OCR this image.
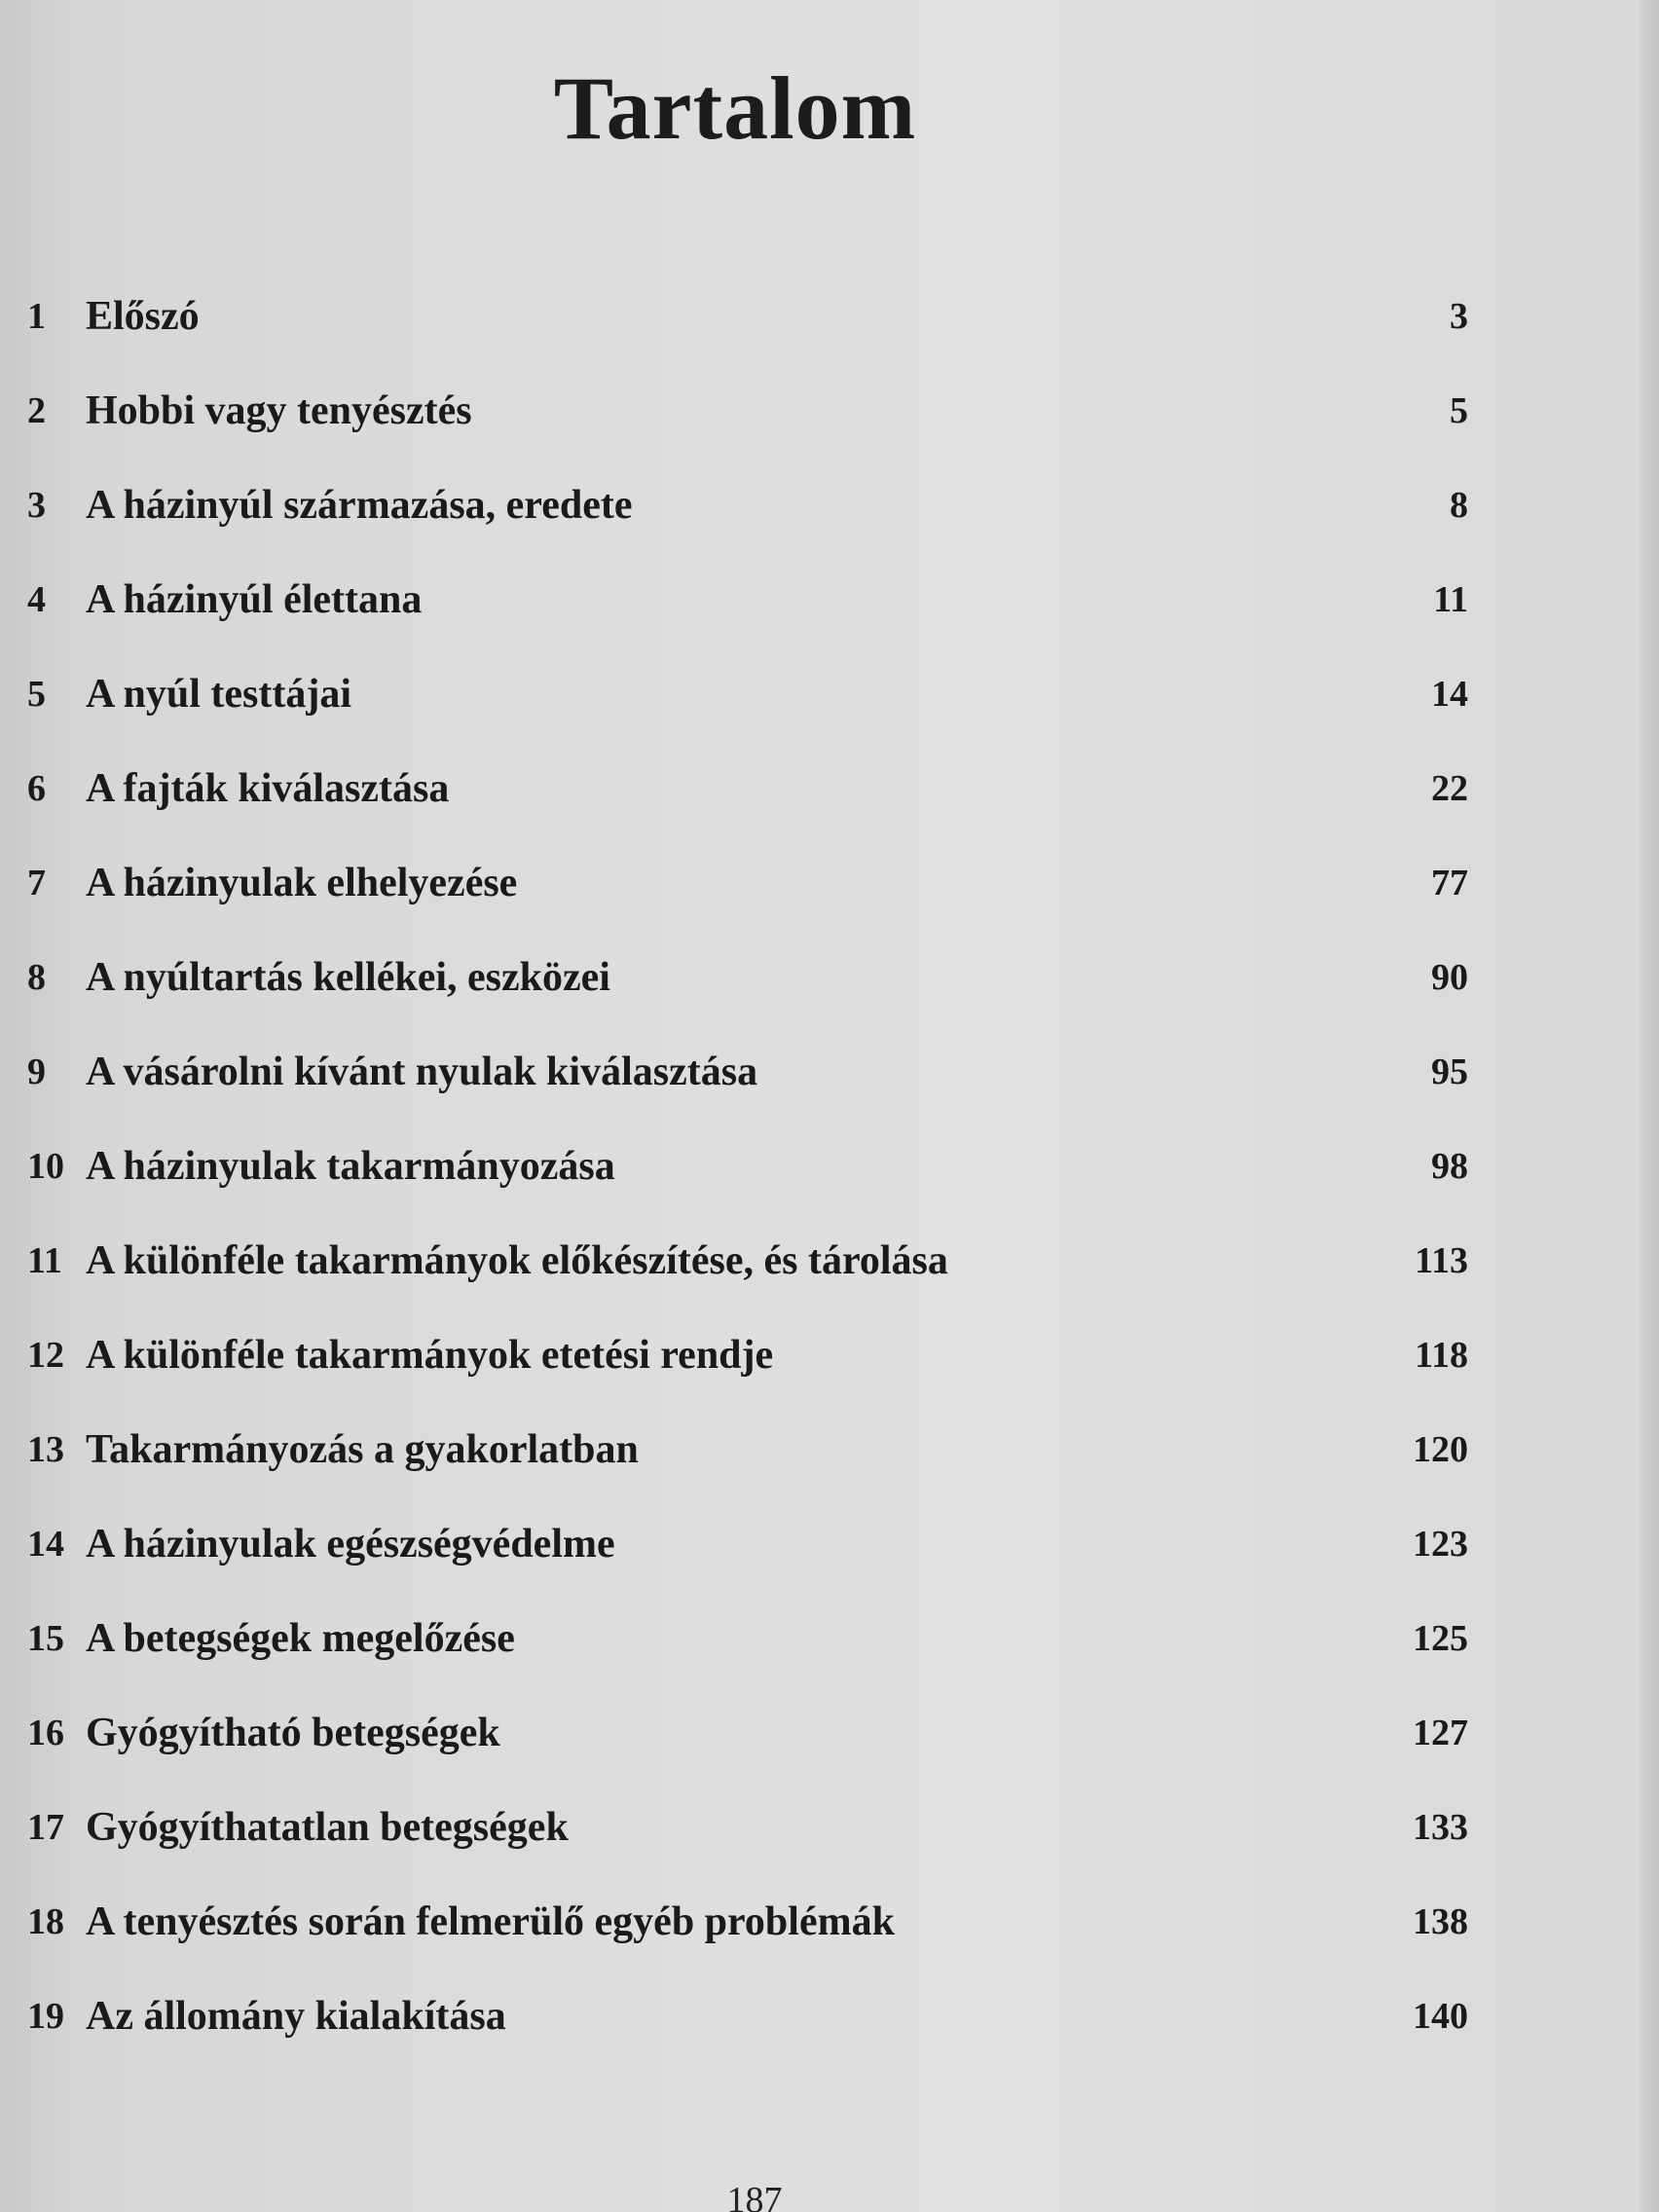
Tartalom
1 Előszó	3
2 Hobbi vagy tenyésztés	5
3 A házinyúl származása, eredete	8
4 A házinyúl élettana	11
5 A nyúl testtájai	14
6 A fajták kiválasztása	22
7 A házinyulak elhelyezése	77
8 A nyúltartás kellékei, eszközei	90
9 A vásárolni kívánt nyulak kiválasztása	95
10 A házinyulak takarmányozása	98
11 A különféle takarmányok előkészítése, és tárolása	113
12 A különféle takarmányok etetési rendje	118
13 Takarmányozás a gyakorlatban	120
14 A házinyulak egészségvédelme	123
15 A betegségek megelőzése	125
16 Gyógyítható betegségek	127
17 Gyógyíthatatlan betegségek	133
18 A tenyésztés során felmerülő egyéb problémák	138
19 Az állomány kialakítása	140
187
